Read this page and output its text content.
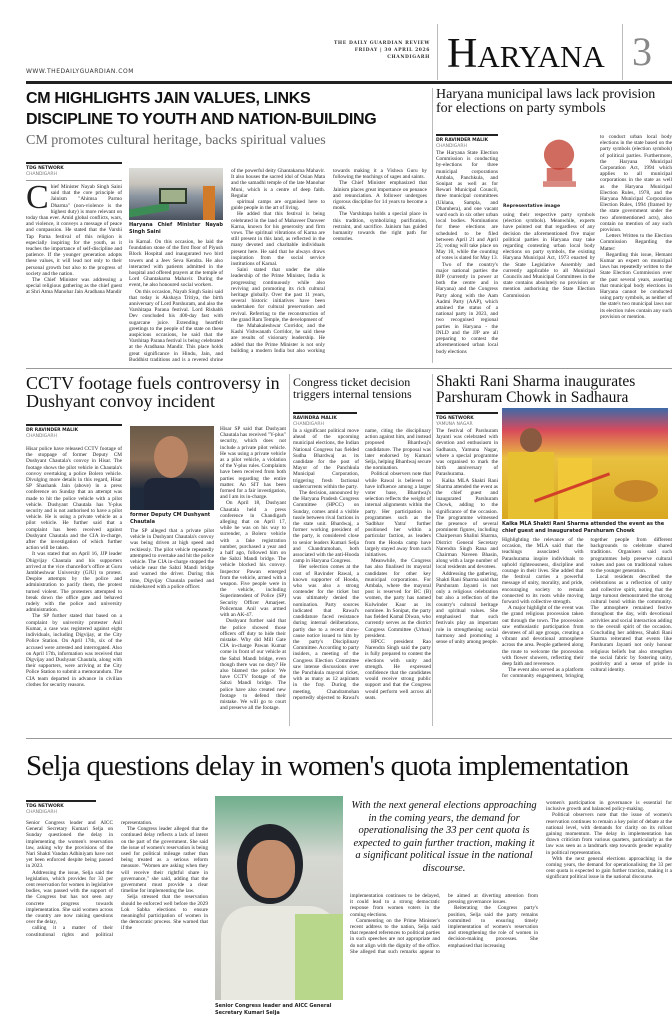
WWW.THEDAILYGUARDIAN.COM
THE DAILY GUARDIAN REVIEW
FRIDAY | 30 APRIL 2026
CHANDIGARH HARYANA 3
CM HIGHLIGHTS JAIN VALUES, LINKS
DISCIPLINE TO YOUTH AND NATION-BUILDING
CM promotes cultural heritage, backs spiritual values
TDG NETWORK
CHANDIGARH
C hief Minister Nayab Singh Saini said that the core principle of Jainism "Ahimsa Parmo Dharma" (non-violence is the highest duty) is more relevant on today than ever. Amid global conflicts, wars, and violence, it conveys a message of peace and compassion. He stated that the Varshi Tap Parna festival of this religion is especially inspiring for the youth, as it teaches the importance of self-discipline and patience. If the younger generation adopts these values, it will lead not only to their personal growth but also to the progress of society and the nation.

The Chief Minister was addressing a special religious gathering as the chief guest at Shri Atma Manohar Jain Aradhana Mandir

Haryana Chief Minister Nayab Singh Saini

in Karnal. On this occasion, he laid the foundation stone of the first floor of Piyush Block Hospital and inaugurated two bird towers and a Jeev Seva Kendra. He also interacted with patients admitted in the hospital and offered prayers at the temple of Lord Ghantakarna Mahavir. During the event, he also honoured social workers.

On this occasion, Nayab Singh Saini said that today is Akshaya Tritiya, the birth anniversary of Lord Parshuram, and also the Varshitapa Parana festival. Lord Rishabh Dev concluded his 400-day fast with sugarcane juice. Extending heartfelt greetings to the people of the state on these auspicious occasions, he said that the Varshitap Parana festival is being celebrated at the Aradhana Mandir. This place holds great significance in Hindu, Jain, and Buddhist traditions and is a revered shrine of the powerful deity Ghantakarna Mahavir. It also houses the sacred idol of Osian Mata and the samadhi temple of the late Manohar Muni, which is a centre of deep faith. Regular

spiritual camps are organised here to guide people in the art of living.

He added that this festival is being celebrated in the land of Mahaveer Danveer Karna, known for his generosity and firm vows. The spiritual vibrations of Karna are still present in this land, as reflected in the many devoted and charitable individuals present here. He said that he always draws inspiration from the social service institutions of Karnal.

Saini stated that under the able leadership of the Prime Minister, India is progressing continuously while also reviving and promoting its rich cultural heritage globally. Over the past 11 years, several historic initiatives have been undertaken for cultural preservation and revival. Referring to the reconstruction of the grand Ram Temple, the development of

the Mahakaleshwar Corridor, and the Kashi Vishwanath Corridor, he said these are results of visionary leadership. He added that the Prime Minister is not only building a modern India but also working towards making it a Vishwa Guru by following the teachings of sages and saints.

The Chief Minister emphasized that Jainism places great importance on penance and renunciation. A follower undergoes rigorous discipline for 14 years to become a monk.

The Varshitapa holds a special place in this tradition, symbolizing purification, restraint, and sacrifice. Jainism has guided humanity towards the right path for centuries.

Haryana municipal laws lack provision for elections on party symbols
DR RAVINDER MALIK
CHANDIGARH
Representative image

The Haryana State Election Commission is conducting by-elections for three municipal corporations Ambala, Panchkula, and Sonipat as well as for Rewari Municipal Council, three municipal committees (Uklana, Sampla, and Dharuhera), and one vacant ward each in six other urban local bodies. Nominations for these elections are scheduled to be filed between April 21 and April 25; voting will take place on May 10, while the counting of votes is slated for May 13.

Two of the country's major national parties the BJP (currently in power at both the centre and in Haryana) and the Congress Party along with the Aam Aadmi Party (AAP), which attained the status of a national party in 2023, and two recognised regional parties in Haryana - the INLD and the JJP are all preparing to contest the aforementioned urban local body elections

using their respective party symbols (election symbols). Meanwhile, experts have pointed out that regardless of any decision the aforementioned five major political parties in Haryana may take regarding contesting urban local body elections on party symbols, the existing Haryana Municipal Act, 1973 enacted by the State Legislative Assembly and currently applicable to all Municipal Councils and Municipal Committees in the state contains absolutely no provision or mention authorising the State Election Commission

to conduct urban local body elections in the state based on the party symbols (election symbols) of political parties. Furthermore, the Haryana Municipal Corporation Act, 1994 which applies to all municipal corporations in the state as well as the Haryana Municipal Election Rules, 1978, and the Haryana Municipal Corporation Election Rules, 1994 (framed by the state government under the two aforementioned acts), also contain no mention of any such provision.

Letters Written to the Election Commission Regarding the Matter:

Regarding this issue, Hemant Kumar an expert on municipal laws has repeatedly written to the State Election Commission over the past several years, asserting that municipal body elections in Haryana cannot be conducted using party symbols, as neither of the state's two municipal laws nor its election rules contain any such provision or mention.

CCTV footage fuels controversy in Dushyant convoy incident
DR RAVINDER MALIK
CHANDIGARH
former Deputy CM Dushyant Chautala

Hisar police have released CCTV footage of the stoppage of former Deputy CM Dushyant Chautala's convoy in Hisar. The footage shows the pilot vehicle in Chautala's convoy overtaking a police Bolero vehicle. Divulging more details in this regard, Hisar SP Shashank Jain (above) in a press conference on Sunday that an attempt was made to hit the police vehicle with a pilot vehicle. Dushyant Chautala has Y-plus security and is not authorised to have a pilot vehicle. He is using a private vehicle as a pilot vehicle. He further said that a complaint has been received against Dushyant Chautala and the CIA in-charge, after the investigation of which further action will be taken.

It was stated that on April 16, JJP leader Dhigvijay Chautala and his supporters arrived at the vice chancellor's office at Guru Jambheshwar University (GJU) to protest. Despite attempts by the police and administration to pacify them, the protest turned violent. The protesters attempted to break down the office gate and behaved rudely with the police and university administration.

The SP further stated that based on a complaint by university protester Anil Kumar, a case was registered against eight individuals, including Digvijay, at the City Police Station. On April 17th, six of the accused were arrested and interrogated. Also on April 17th, information was received that Digvijay and Dushyant Chautala, along with their supporters, were arriving at the City Police Station to submit a memorandum. The CIA team departed in advance in civilian clothes for security reasons.

The SP alleged that a private pilot vehicle in Dushyant Chautala's convoy was being driven at high speed and recklessly. The pilot vehicle repeatedly attempted to overtake and hit the police vehicle. The CIA in-charge stopped the vehicle near the Sabzi Mandi bridge and warned the driver. During this time, Digvijay Chautala pushed and misbehaved with a police officer.

Hisar SP said that Dushyant Chautala has received "Y-plus" security, which does not include a private pilot vehicle. He was using a private vehicle as a pilot vehicle, a violation of the Y-plus rules. Complaints have been received from both parties regarding the entire matter. An SIT has been formed for a fair investigation, and I am its in-charge.

On April 18, Dushyant Chautala held a press conference in Chandigarh alleging that on April 17, while he was on his way to surrender, a Bolero vehicle with a fake registration number, purchased a year and a half ago, followed him on the Sabzi Mandi bridge. The vehicle blocked his convoy. Inspector Pawan emerged from the vehicle, armed with a weapon. Five people were in the vehicle, including Superintendent of Police (SP) Security Officer Amarjeet. Policeman Anil was armed with an AK-47.

Dushyant further said that the police showed those officers off duty to hide their mistake. Why did Mill Gate CIA in-charge Pawan Kumar come in front of our vehicle at the Sabzi Mandi bridge, even though there was no duty? He also blamed the police: We have CCTV footage of the Sabzi Mandi bridge. The police have also created new footage to defend their mistake. We will go to court and preserve all the footage.

Congress ticket decision triggers internal tensions
RAVINDRA MALIK
CHANDIGARH

In a significant political move ahead of the upcoming municipal elections, the Indian National Congress has fielded Sudha Bhardwaj as its candidate for the post of Mayor of the Panchkula Municipal Corporation, triggering fresh factional undercurrents within the party.

The decision, announced by the Haryana Pradesh Congress Committee (HPCC) on Sunday, comes amid a visible tussle between rival factions in the state unit. Bhardwaj, a former working president of the party, is considered close to senior leaders Kumari Selja and Chandramohan, both associated with the anti-Hooda camp in Haryana Congress.

Her selection comes at the cost of Ravinder Rawal, a known supporter of Hooda, who was also a strong contender for the ticket but was ultimately denied the nomination. Party sources indicated that Rawal's candidature faced resistance during internal deliberations, partly due to a recent show-cause notice issued to him by the party's Disciplinary Committee. According to party insiders, a meeting of the Congress Election Committee saw intense discussions over the Panchkula mayoral ticket, with as many as 12 aspirants in the fray. During the meeting, Chandramohan reportedly objected to Rawal's name, citing the disciplinary action against him, and instead proposed Bhardwaj's candidature. The proposal was later endorsed by Kumari Selja, helping Bhardwaj secure the nomination.

Political observers note that while Rawal is believed to have influence among a larger voter base, Bhardwaj's selection reflects the weight of internal alignments within the party. Her participation in programmes such as the 'Sadbhav Yatra' further positioned her within a particular faction, as leaders from the Hooda camp have largely stayed away from such initiatives.

Meanwhile, the Congress has also finalised its mayoral candidates for other key municipal corporations. For Ambala, where the mayoral post is reserved for BC (B) women, the party has named Kulwinder Kaur as its nominee. In Sonipat, the party has fielded Kamal Diwan, who currently serves as the district Congress Committee (Urban) president.

HPCC president Rao Narendra Singh said the party is fully prepared to contest the elections with unity and strength. He expressed confidence that the candidates would receive strong public support and that the Congress would perform well across all seats.

Shakti Rani Sharma inaugurates Parshuram Chowk in Sadhaura
TDG NETWORK
YAMUNA NAGAR
Kalka MLA Shakti Rani Sharma attended the event as the chief guest and inaugurated Parshuram Chowk

The festival of Parshuram Jayanti was celebrated with devotion and enthusiasm in Sadhaura, Yamuna Nagar, where a special programme was organised to mark the birth anniversary of Parashurama.

Kalka MLA Shakti Rani Sharma attended the event as the chief guest and inaugurated Parshuram Chowk, adding to the significance of the occasion. The programme witnessed the presence of several prominent figures, including Chairperson Shalini Sharma, District General Secretary Narendra Singh Rana and Chairman Naveen Bhasin, along with a large number of local residents and devotees.

Addressing the gathering, Shakti Rani Sharma said that Parshuram Jayanti is not only a religious celebration but also a reflection of the country's cultural heritage and spiritual values. She emphasised that such festivals play an important role in strengthening social harmony and promoting a sense of unity among people.

Highlighting the relevance of the occasion, the MLA said that the teachings associated with Parashurama inspire individuals to uphold righteousness, discipline and courage in their lives. She added that the festival carries a powerful message of unity, morality, and pride, encouraging society to remain connected to its roots while moving forward with collective strength.

A major highlight of the event was the grand religious procession taken out through the town. The procession saw enthusiastic participation from devotees of all age groups, creating a vibrant and devotional atmosphere across the area. People gathered along the route to welcome the procession with flower showers, reflecting their deep faith and reverence.

The event also served as a platform for community engagement, bringing together people from different backgrounds to celebrate shared traditions. Organisers said such programmes help preserve cultural values and pass on traditional values to the younger generation.

Local residents described the celebrations as a reflection of unity and collective spirit, noting that the large turnout demonstrated the strong cultural bond within the community. The atmosphere remained festive throughout the day, with devotional activities and social interaction adding to the overall spirit of the occasion. Concluding her address, Shakti Rani Sharma reiterated that events like Parshuram Jayanti not only honour religious beliefs but also strengthen the social fabric by fostering unity, positivity and a sense of pride in cultural identity.

Selja questions delay in women's quota implementation
TDG NETWORK
CHANDIGARH

Senior Congress leader and AICC General Secretary Kumari Selja on Sunday questioned the delay in implementing the women's reservation law, asking why the provisions of the Nari Shakti Vandan Adhiniyam have not yet been enforced despite being passed in 2023.

Addressing the issue, Selja said the legislation, which provides for 33 per cent reservation for women in legislative bodies, was passed with the support of the Congress but has not seen any concrete progress towards implementation. She said women across the country are now raising questions over the delay,

calling it a matter of their constitutional rights and political representation.

The Congress leader alleged that the continued delay reflects a lack of intent on the part of the government. She said the issue of women's reservation is being used for political mileage rather than being treated as a serious reform measure. "Women are asking when they will receive their rightful share in governance," she said, adding that the government must provide a clear timeline for implementing the law.

Selja stressed that the reservation should be enforced well before the 2029 Lok Sabha elections to ensure meaningful participation of women in the democratic process. She warned that if the

Senior Congress leader and AICC General Secretary Kumari Selja
With the next general elections approaching in the coming years, the demand for operationalising the 33 per cent quota is expected to gain further traction, making it a significant political issue in the national discourse.

implementation continues to be delayed, it could lead to a strong democratic response from women voters in the coming elections.

Commenting on the Prime Minister's recent address to the nation, Selja said that repeated references to political parties in such speeches are not appropriate and do not align with the dignity of the office. She alleged that such remarks appear to be aimed at diverting attention from pressing governance issues.

Reiterating the Congress party's position, Selja said the party remains committed to ensuring timely implementation of women's reservation and strengthening the role of women in decision-making processes. She emphasised that increasing

women's participation in governance is essential for inclusive growth and balanced policy-making.

Political observers note that the issue of women's reservation continues to remain a key point of debate at the national level, with demands for clarity on its rollout gaining momentum. The delay in implementation has drawn criticism from various quarters, particularly as the law was seen as a landmark step towards gender equality in political representation.

With the next general elections approaching in the coming years, the demand for operationalising the 33 per cent quota is expected to gain further traction, making it a significant political issue in the national discourse.
